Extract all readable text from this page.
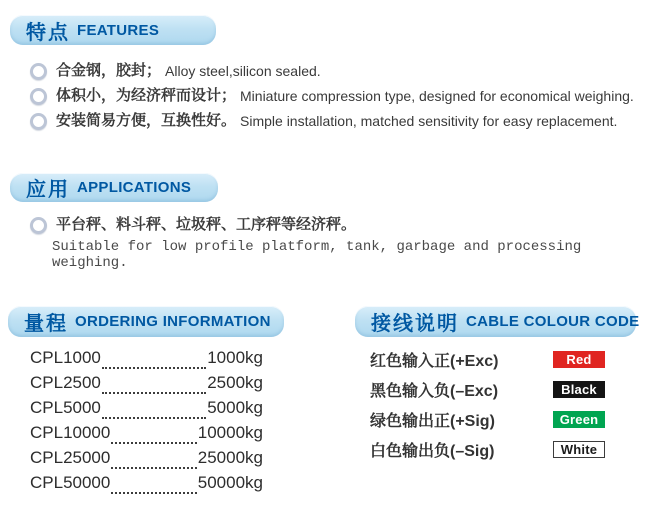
特点 FEATURES
合金钢，胶封； Alloy steel,silicon sealed.
体积小，为经济秤而设计； Miniature compression type, designed for economical weighing.
安装简易方便，互换性好。 Simple installation, matched sensitivity for easy replacement.
应用 APPLICATIONS
平台秤、料斗秤、垃圾秤、工序秤等经济秤。
Suitable for low profile platform, tank, garbage and processing weighing.
量程 ORDERING INFORMATION
CPL1000	1000kg
CPL2500	2500kg
CPL5000	5000kg
CPL10000	10000kg
CPL25000	25000kg
CPL50000	50000kg
接线说明 CABLE COLOUR CODE
红色输入正(+Exc)	Red
黑色输入负(–Exc)	Black
绿色输出正(+Sig)	Green
白色输出负(–Sig)	White
